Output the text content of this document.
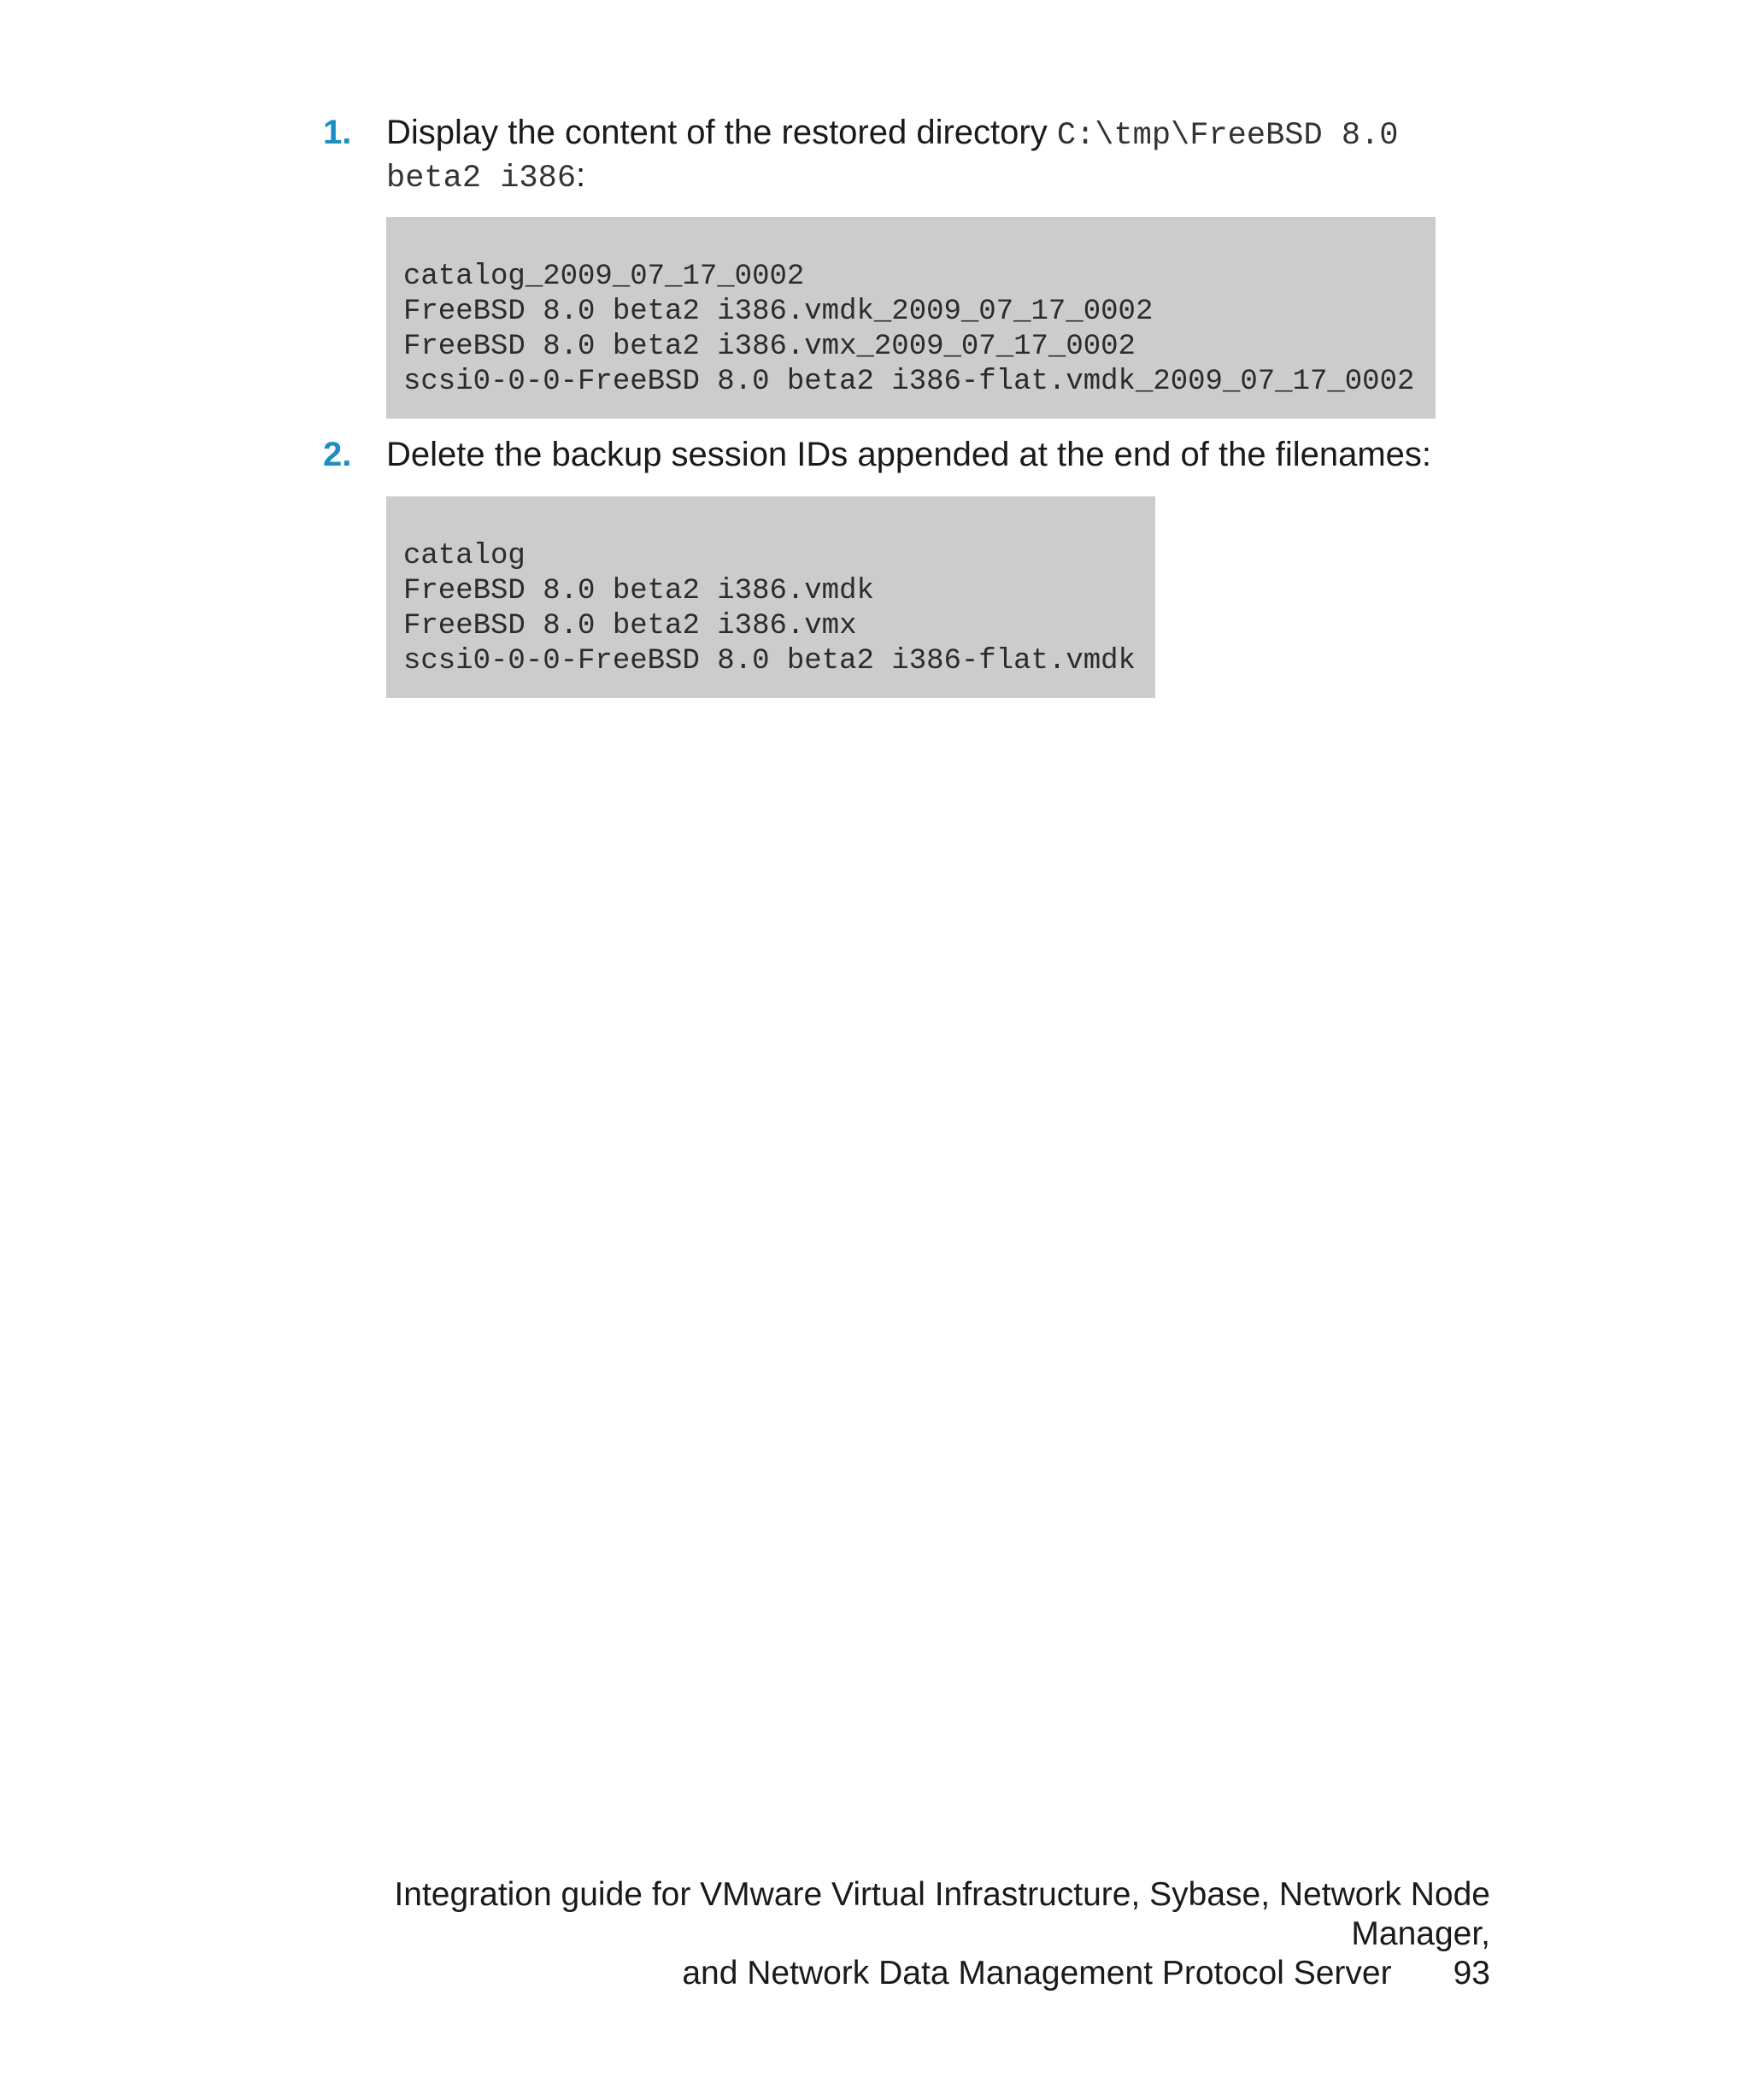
1. Display the content of the restored directory C:\tmp\FreeBSD 8.0 beta2 i386:
catalog_2009_07_17_0002
FreeBSD 8.0 beta2 i386.vmdk_2009_07_17_0002
FreeBSD 8.0 beta2 i386.vmx_2009_07_17_0002
scsi0-0-0-FreeBSD 8.0 beta2 i386-flat.vmdk_2009_07_17_0002
2. Delete the backup session IDs appended at the end of the filenames:
catalog
FreeBSD 8.0 beta2 i386.vmdk
FreeBSD 8.0 beta2 i386.vmx
scsi0-0-0-FreeBSD 8.0 beta2 i386-flat.vmdk
Integration guide for VMware Virtual Infrastructure, Sybase, Network Node Manager,
and Network Data Management Protocol Server 93
